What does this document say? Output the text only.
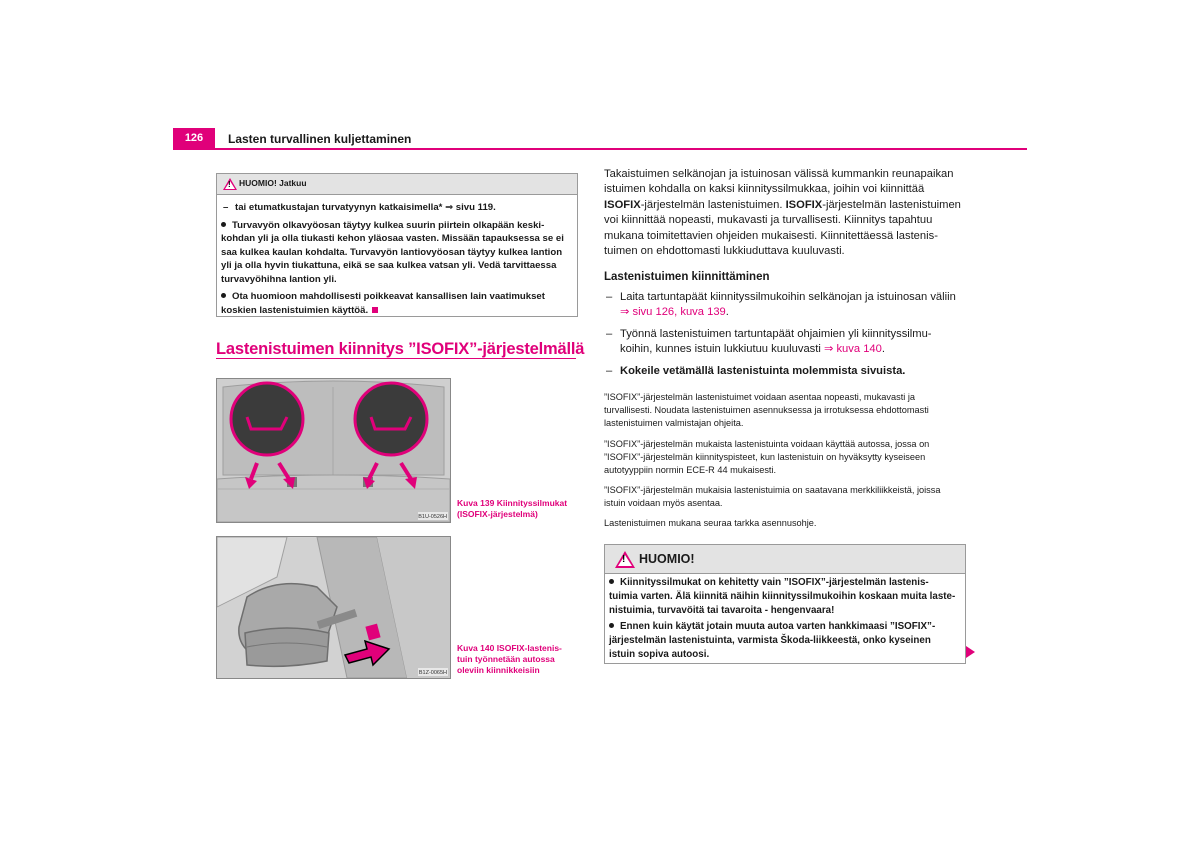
126	Lasten turvallinen kuljettaminen
! HUOMIO! Jatkuu

– tai etumatkustajan turvatyynyn katkaisimella* ⇒ sivu 119.

Turvavyön olkavyöosan täytyy kulkea suurin piirtein olkapään keski-
kohdan yli ja olla tiukasti kehon yläosaa vasten. Missään tapauksessa se ei
saa kulkea kaulan kohdalta. Turvavyön lantiovyöosan täytyy kulkea lantion
yli ja olla hyvin tiukattuna, eikä se saa kulkea vatsan yli. Vedä tarvittaessa
turvavyöhihna lantion yli.

Ota huomioon mahdollisesti poikkeavat kansallisen lain vaatimukset
koskien lastenistuimien käyttöä.

Lastenistuimen kiinnitys ”ISOFIX”-järjestelmällä
B1U-0526H
Kuva 139 Kiinnityssilmukat
(ISOFIX-järjestelmä)
B1Z-0065H
Kuva 140 ISOFIX-lastenis-
tuin työnnetään autossa
oleviin kiinnikkeisiin
Takaistuimen selkänojan ja istuinosan välissä kummankin reunapaikan
istuimen kohdalla on kaksi kiinnityssilmukkaa, joihin voi kiinnittää
ISOFIX-järjestelmän lastenistuimen. ISOFIX-järjestelmän lastenistuimen
voi kiinnittää nopeasti, mukavasti ja turvallisesti. Kiinnitys tapahtuu
mukana toimitettavien ohjeiden mukaisesti. Kiinnitettäessä lastenis-
tuimen on ehdottomasti lukkiuduttava kuuluvasti.
Lastenistuimen kiinnittäminen
– Laita tartuntapäät kiinnityssilmukoihin selkänojan ja istuinosan väliin
⇒ sivu 126, kuva 139.
– Työnnä lastenistuimen tartuntapäät ohjaimien yli kiinnityssilmu-
koihin, kunnes istuin lukkiutuu kuuluvasti ⇒ kuva 140.
– Kokeile vetämällä lastenistuinta molemmista sivuista.
”ISOFIX”-järjestelmän lastenistuimet voidaan asentaa nopeasti, mukavasti ja
turvallisesti. Noudata lastenistuimen asennuksessa ja irrotuksessa ehdottomasti
lastenistuimen valmistajan ohjeita.
”ISOFIX”-järjestelmän mukaista lastenistuinta voidaan käyttää autossa, jossa on
”ISOFIX”-järjestelmän kiinnityspisteet, kun lastenistuin on hyväksytty kyseiseen
autotyyppiin normin ECE-R 44 mukaisesti.
”ISOFIX”-järjestelmän mukaisia lastenistuimia on saatavana merkkiliikkeistä, joissa
istuin voidaan myös asentaa.
Lastenistuimen mukana seuraa tarkka asennusohje.
! HUOMIO!

Kiinnityssilmukat on kehitetty vain ”ISOFIX”-järjestelmän lastenis-
tuimia varten. Älä kiinnitä näihin kiinnityssilmukoihin koskaan muita laste-
nistuimia, turvavöitä tai tavaroita - hengenvaara!

Ennen kuin käytät jotain muuta autoa varten hankkimaasi ”ISOFIX”-
järjestelmän lastenistuinta, varmista Škoda-liikkeestä, onko kyseinen
istuin sopiva autoosi.
